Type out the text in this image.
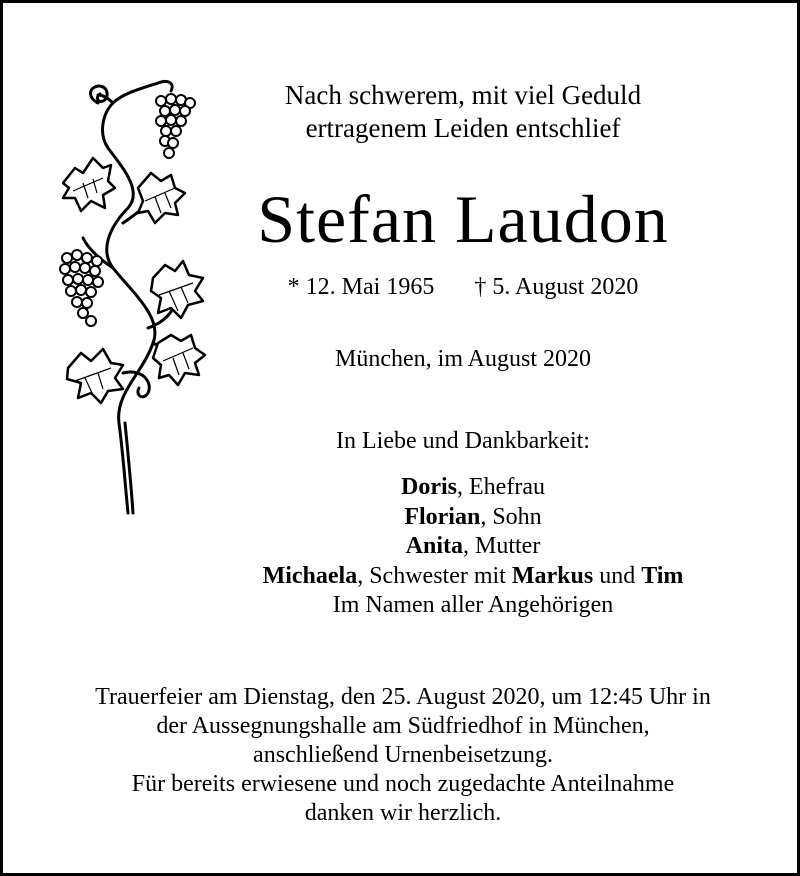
Nach schwerem, mit viel Geduld
ertragenem Leiden entschlief
Stefan Laudon
* 12. Mai 1965 † 5. August 2020
München, im August 2020
In Liebe und Dankbarkeit:
Doris, Ehefrau
Florian, Sohn
Anita, Mutter
Michaela, Schwester mit Markus und Tim
Im Namen aller Angehörigen
Trauerfeier am Dienstag, den 25. August 2020, um 12:45 Uhr in
der Aussegnungshalle am Südfriedhof in München,
anschließend Urnenbeisetzung.
Für bereits erwiesene und noch zugedachte Anteilnahme
danken wir herzlich.
